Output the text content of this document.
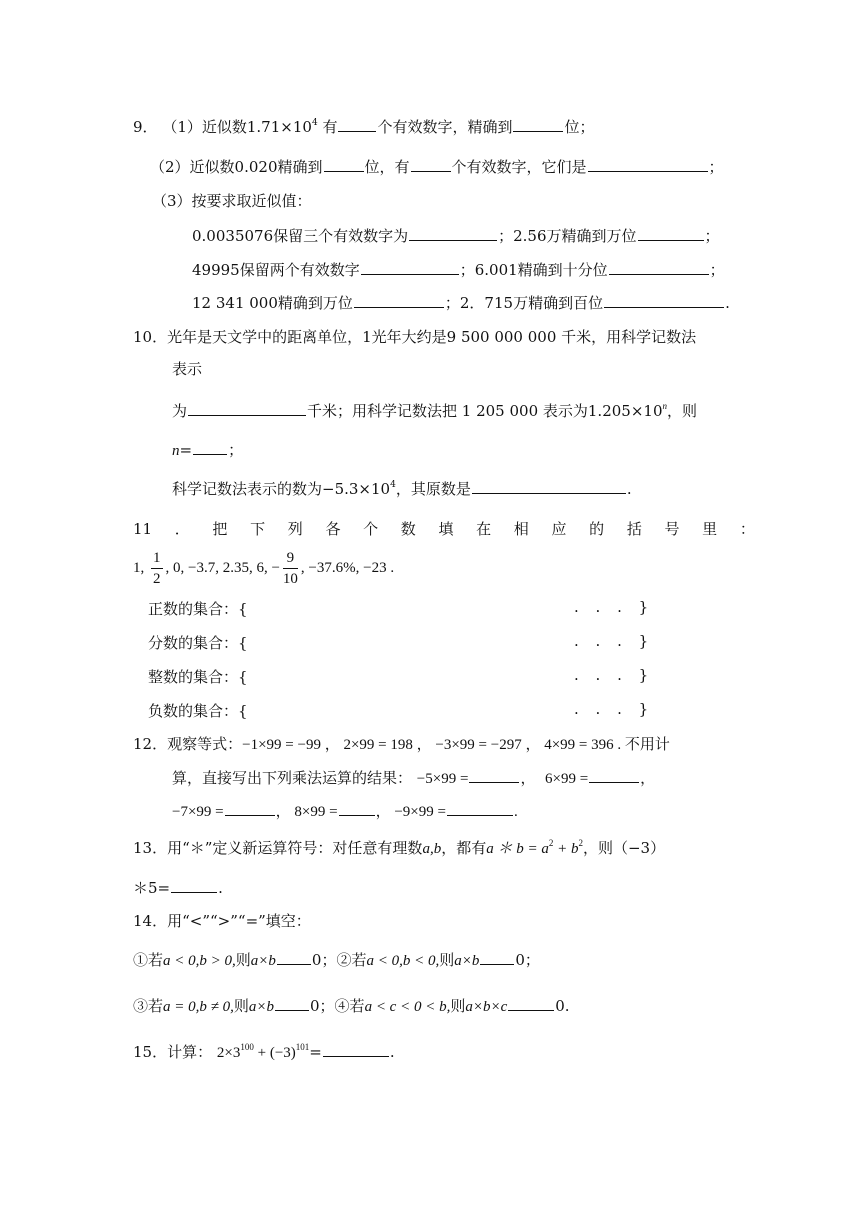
9． （1）近似数$1.71\times 10^4$ 有	个有效数字，精确到	位；
（2）近似数0.020精确到	位，有	个有效数字，它们是	；
（3）按要求取近似值：
0.0035076保留三个有效数字为	；2.56万精确到万位	；
49995保留两个有效数字	；6.001精确到十分位	；
12 341 000精确到万位	；2．715万精确到百位	.
10．光年是天文学中的距离单位，1光年大约是9 500 000 000 千米，用科学记数法
表示
为	千米；用科学记数法把 1 205 000 表示为$1.205\times 10^n$，则
n= ；
科学记数法表示的数为$-5.3\times 10^4$，其原数是	.
11 ． 把 下 列 各 个 数 填 在 相 应 的 括 号 里 ：
1, $\frac{1}{2}$ , 0, −3.7, 2.35, 6, − $\frac{9}{10}$ , −37.6%, −23 .
正数的集合：{	. . . }
分数的集合：{	. . . }
整数的集合：{	. . . }
负数的集合：{	. . . }
12．观察等式：−1×99 = −99 ， 2×99 = 198 ， −3×99 = −297 ， 4×99 = 396 . 不用计
算，直接写出下列乘法运算的结果： −5×99 =	， 6×99 =	，
−7×99 =	， 8×99 =	， −9×99 =	.
13．用“＊”定义新运算符号：对任意有理数a,b，都有a ＊ $b = a^2 + b^2$，则（−3）
＊5=	.
14．用“<”“>”“=”填空：
①若a < 0,b > 0,则a×b 0；②若a < 0,b < 0,则a×b 0；
③若a = 0,b ≠ 0,则a×b 0；④若a < c < 0 < b,则a×b×c	0.
15．计算： $2\times 3^{100} + (-3)^{101}=$	.
